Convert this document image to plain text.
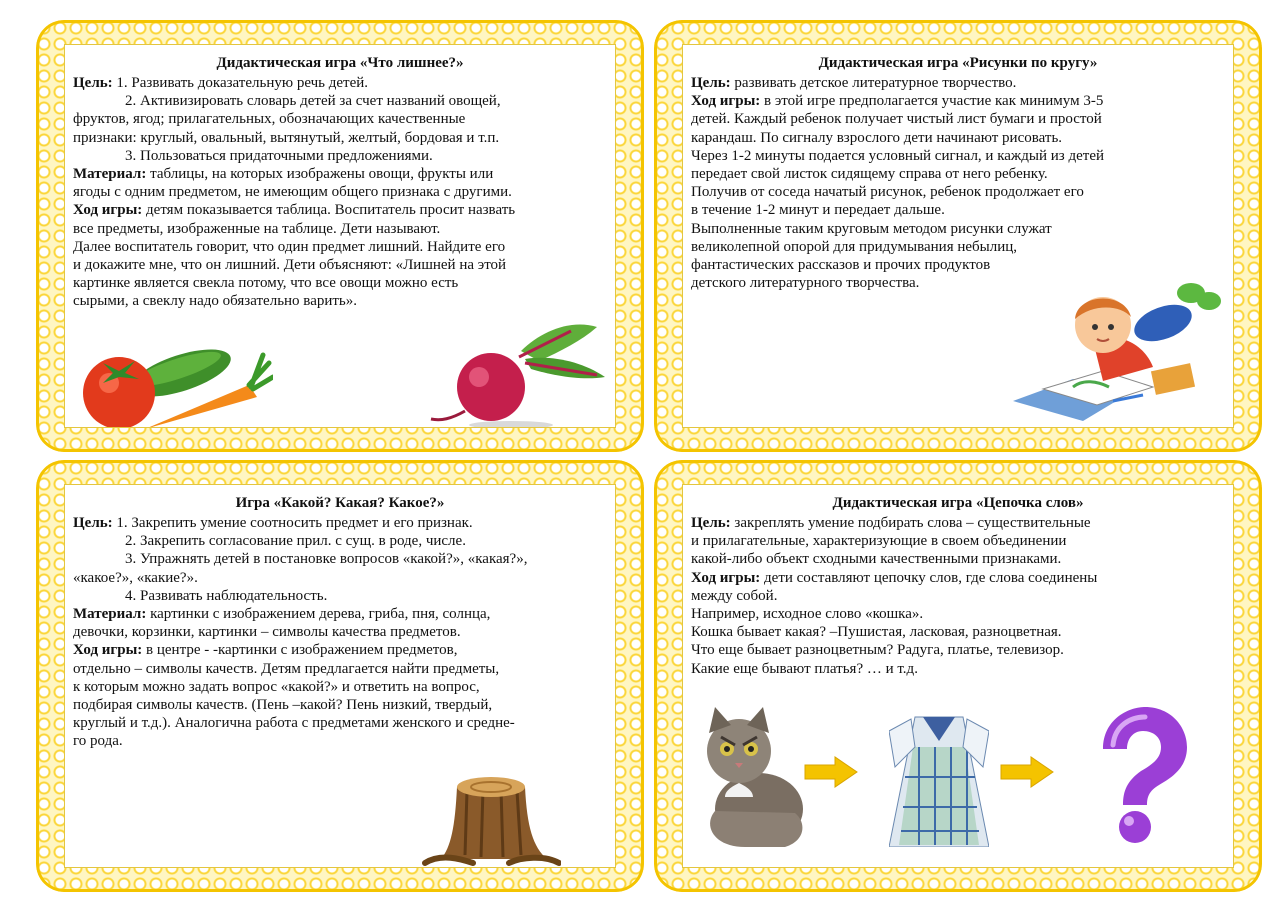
Дидактическая игра «Что лишнее?»
Цель: 1. Развивать доказательную речь детей.
2. Активизировать словарь детей за счет названий овощей,
фруктов, ягод; прилагательных, обозначающих качественные
признаки: круглый, овальный, вытянутый, желтый, бордовая и т.п.
3. Пользоваться придаточными предложениями.
Материал: таблицы, на которых изображены овощи, фрукты или
ягоды с одним предметом, не имеющим общего признака с другими.
Ход игры: детям показывается таблица. Воспитатель просит назвать
все предметы, изображенные на таблице. Дети называют.
Далее воспитатель говорит, что один предмет лишний. Найдите его
и докажите мне, что он лишний. Дети объясняют: «Лишней на этой
картинке является свекла потому, что все овощи можно есть
сырыми, а свеклу надо обязательно варить».
Дидактическая игра «Рисунки по кругу»
Цель: развивать детское литературное творчество.
Ход игры: в этой игре предполагается участие как минимум 3-5
детей. Каждый ребенок получает чистый лист бумаги и простой
карандаш. По сигналу взрослого дети начинают рисовать.
Через 1-2 минуты подается условный сигнал, и каждый из детей
передает свой листок сидящему справа от него ребенку.
Получив от соседа начатый рисунок, ребенок продолжает его
в течение 1-2 минут и передает дальше.
Выполненные таким круговым методом рисунки служат
великолепной опорой для придумывания небылиц,
фантастических рассказов и прочих продуктов
детского литературного творчества.
Игра «Какой? Какая? Какое?»
Цель: 1. Закрепить умение соотносить предмет и его признак.
2. Закрепить согласование прил. с сущ. в роде, числе.
3. Упражнять детей в постановке вопросов «какой?», «какая?»,
«какое?», «какие?».
4. Развивать наблюдательность.
Материал: картинки с изображением дерева, гриба, пня, солнца,
девочки, корзинки, картинки – символы качества предметов.
Ход игры: в центре - -картинки с изображением предметов,
отдельно – символы качеств. Детям предлагается найти предметы,
к которым можно задать вопрос «какой?» и ответить на вопрос,
подбирая символы качеств. (Пень –какой? Пень низкий, твердый,
круглый и т.д.). Аналогична работа с предметами женского и средне-
го рода.
Дидактическая игра «Цепочка слов»
Цель: закреплять умение подбирать слова – существительные
и прилагательные, характеризующие в своем объединении
какой-либо объект сходными качественными признаками.
Ход игры: дети составляют цепочку слов, где слова соединены
между собой.
Например, исходное слово «кошка».
Кошка бывает какая? –Пушистая, ласковая, разноцветная.
Что еще бывает разноцветным? Радуга, платье, телевизор.
Какие еще бывают платья? … и т.д.
